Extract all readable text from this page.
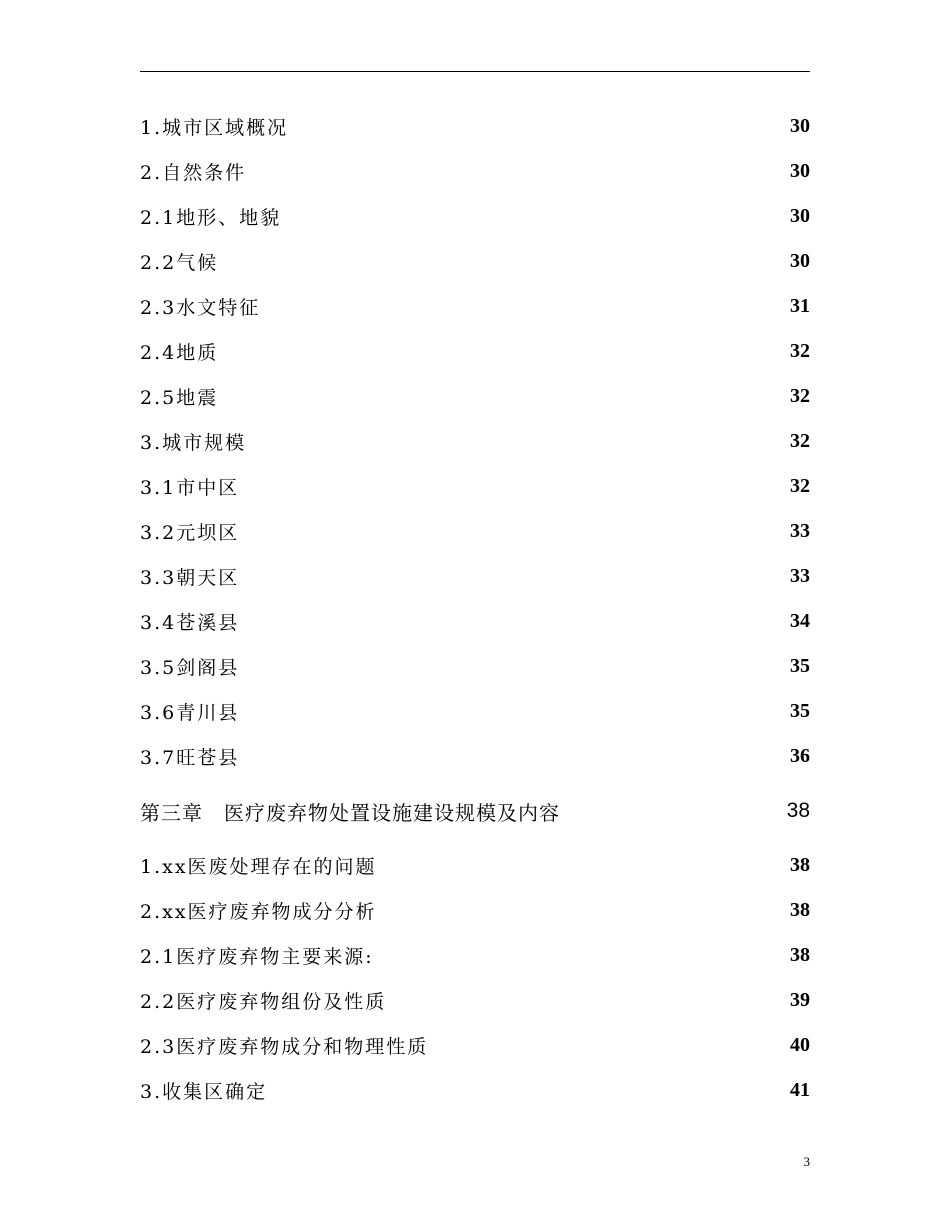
1.城市区域概况	30
2.自然条件	30
2.1地形、地貌	30
2.2气候	30
2.3水文特征	31
2.4地质	32
2.5地震	32
3.城市规模	32
3.1市中区	32
3.2元坝区	33
3.3朝天区	33
3.4苍溪县	34
3.5剑阁县	35
3.6青川县	35
3.7旺苍县	36
第三章　医疗废弃物处置设施建设规模及内容	38
1.xx医废处理存在的问题	38
2.xx医疗废弃物成分分析	38
2.1医疗废弃物主要来源:	38
2.2医疗废弃物组份及性质	39
2.3医疗废弃物成分和物理性质	40
3.收集区确定	41
3
